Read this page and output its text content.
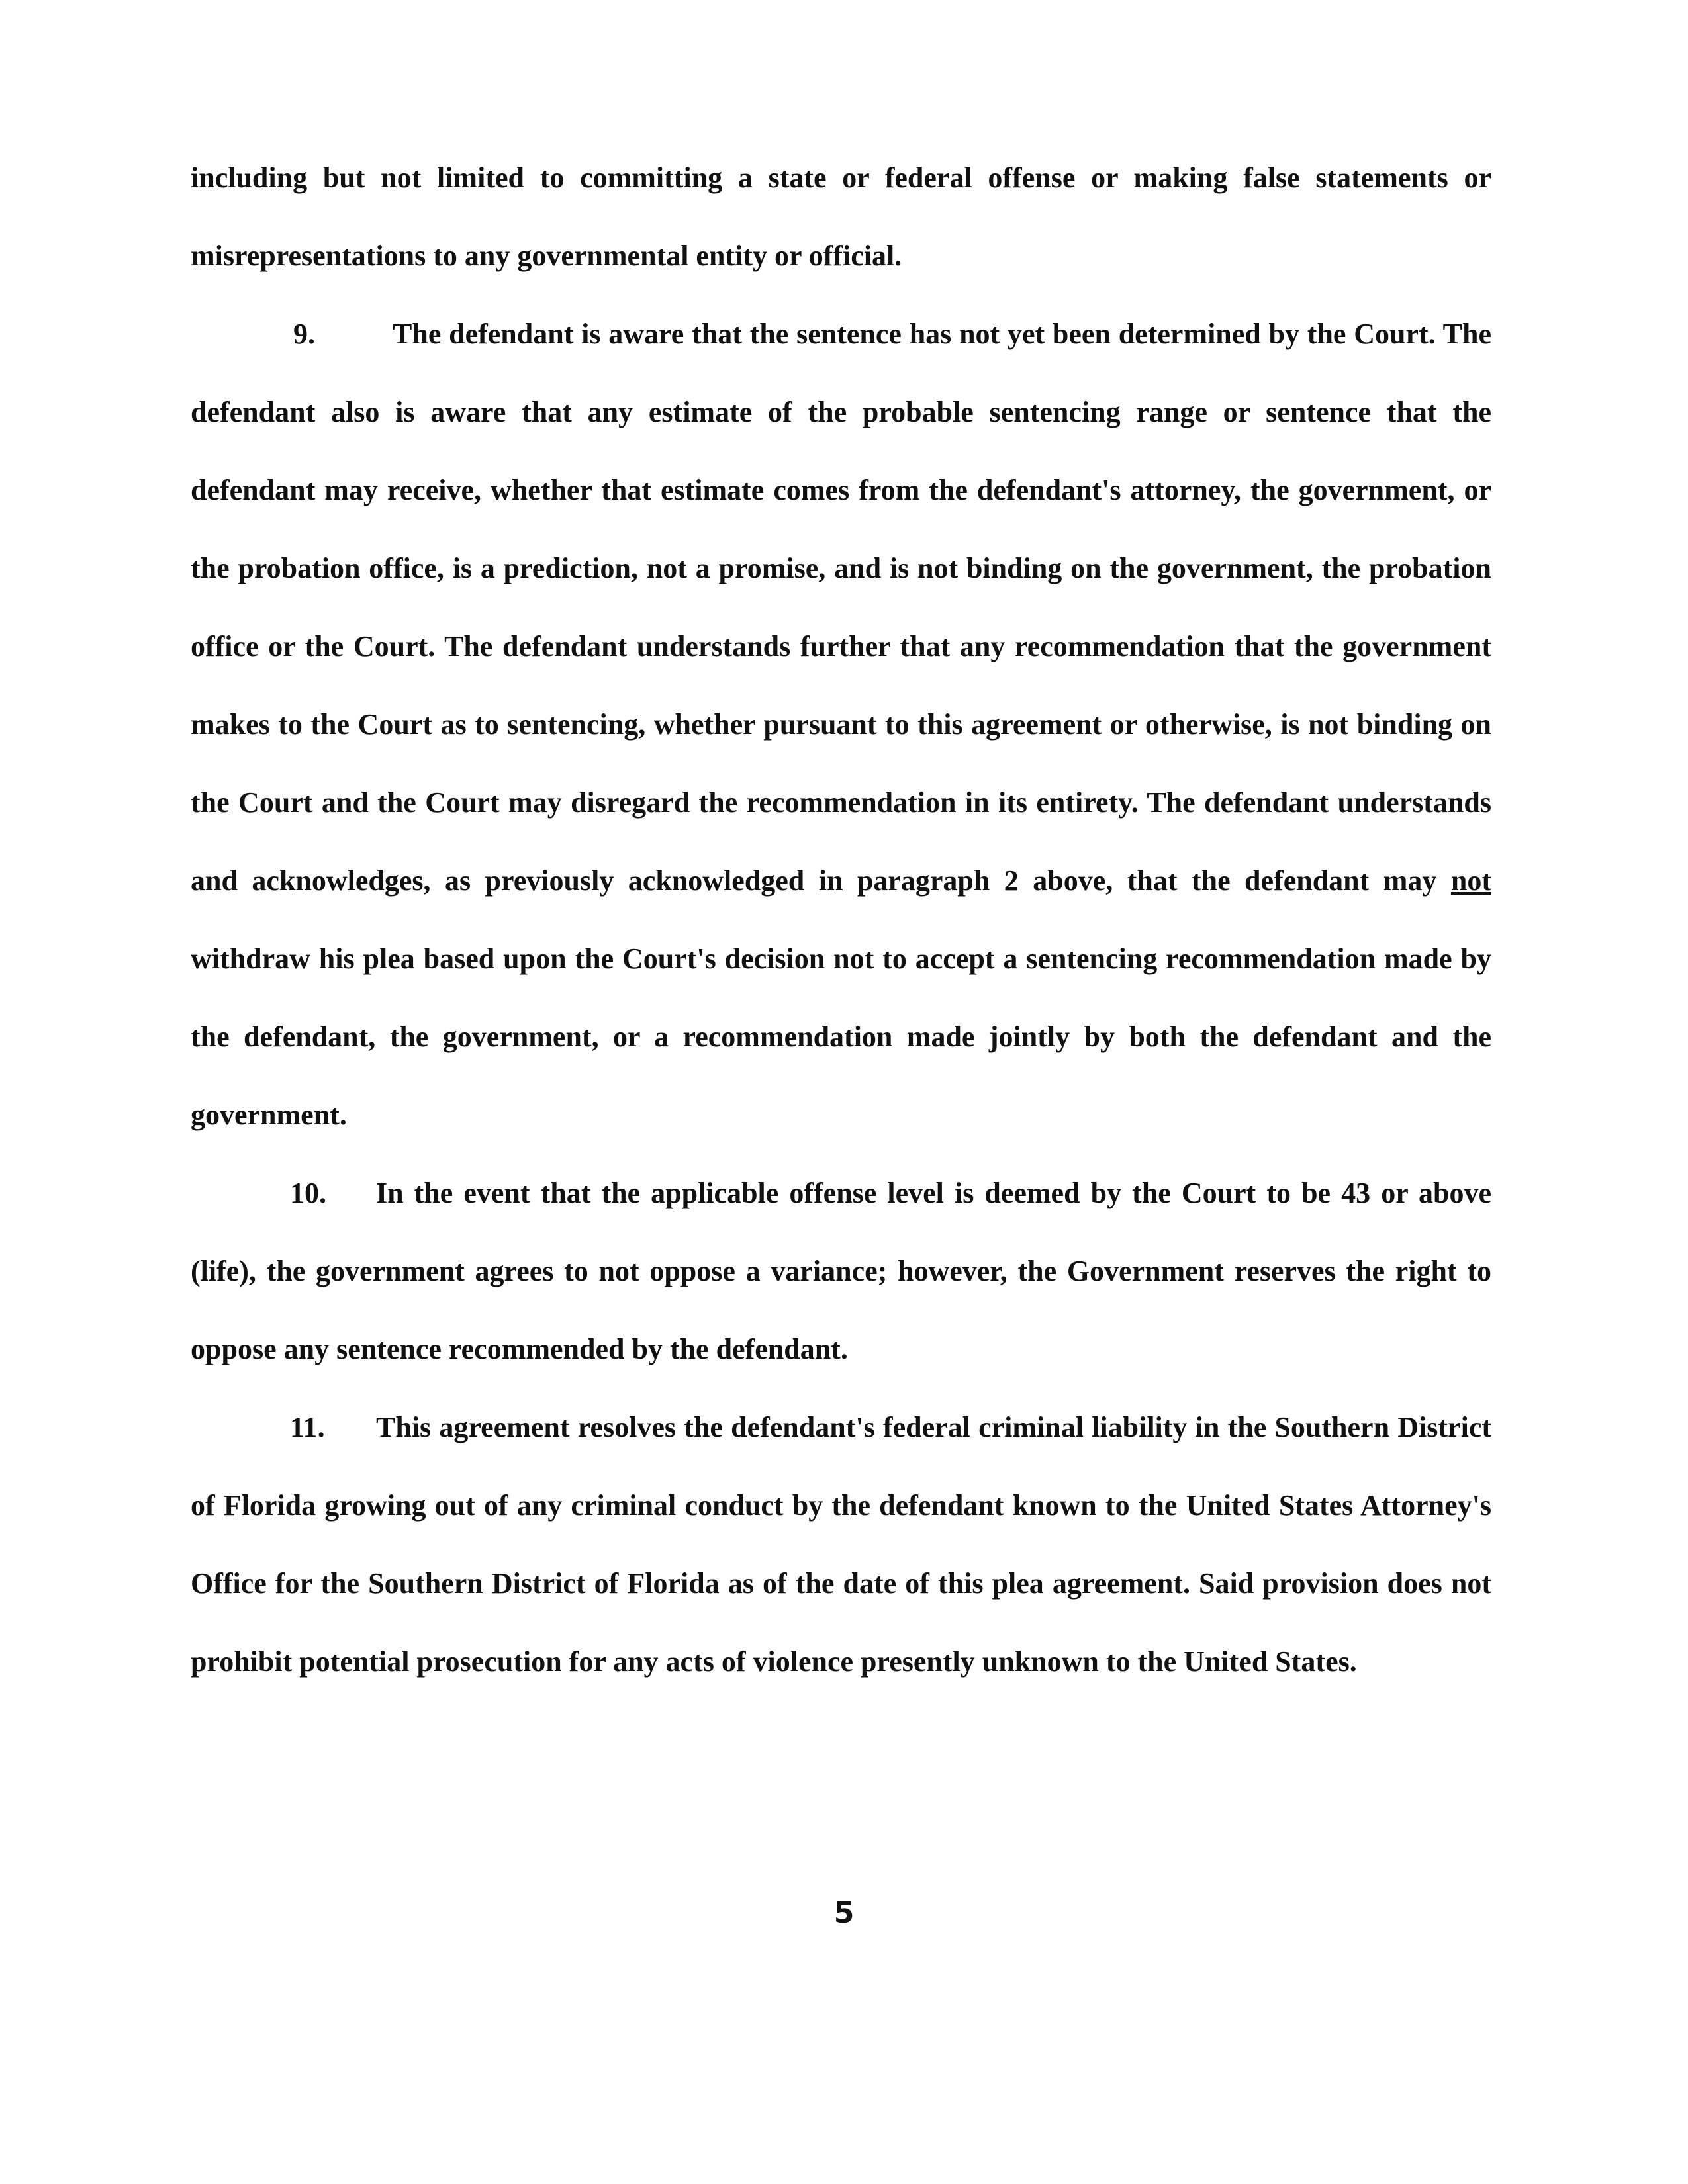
including but not limited to committing a state or federal offense or making false statements or misrepresentations to any governmental entity or official.

9.	The defendant is aware that the sentence has not yet been determined by the Court. The defendant also is aware that any estimate of the probable sentencing range or sentence that the defendant may receive, whether that estimate comes from the defendant's attorney, the government, or the probation office, is a prediction, not a promise, and is not binding on the government, the probation office or the Court. The defendant understands further that any recommendation that the government makes to the Court as to sentencing, whether pursuant to this agreement or otherwise, is not binding on the Court and the Court may disregard the recommendation in its entirety. The defendant understands and acknowledges, as previously acknowledged in paragraph 2 above, that the defendant may not withdraw his plea based upon the Court's decision not to accept a sentencing recommendation made by the defendant, the government, or a recommendation made jointly by both the defendant and the government.

10. In the event that the applicable offense level is deemed by the Court to be 43 or above (life), the government agrees to not oppose a variance; however, the Government reserves the right to oppose any sentence recommended by the defendant.

11. This agreement resolves the defendant's federal criminal liability in the Southern District of Florida growing out of any criminal conduct by the defendant known to the United States Attorney's Office for the Southern District of Florida as of the date of this plea agreement. Said provision does not prohibit potential prosecution for any acts of violence presently unknown to the United States.

5
